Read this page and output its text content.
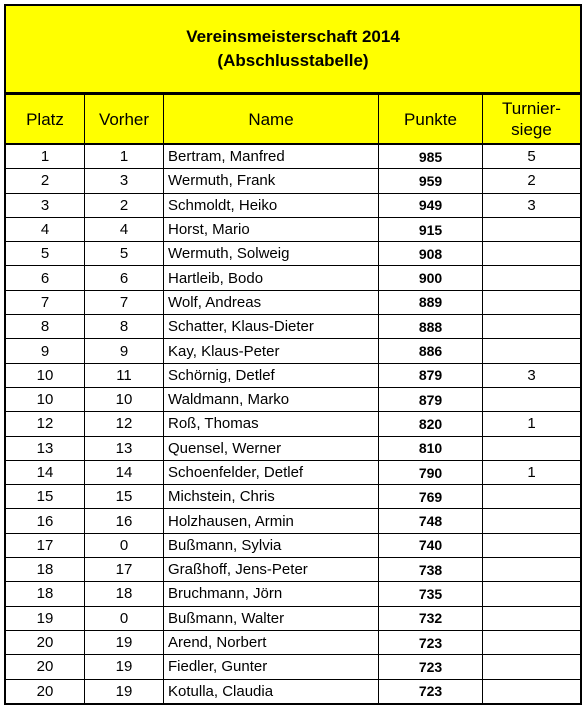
Vereinsmeisterschaft 2014
(Abschlusstabelle)
Platz	Vorher	Name	Punkte	Turnier-
siege

1	1	Bertram, Manfred	985	5
2	3	Wermuth, Frank	959	2
3	2	Schmoldt, Heiko	949	3
4	4	Horst, Mario	915	
5	5	Wermuth, Solweig	908	
6	6	Hartleib, Bodo	900	
7	7	Wolf, Andreas	889	
8	8	Schatter, Klaus-Dieter	888	
9	9	Kay, Klaus-Peter	886	
10	11	Schörnig, Detlef	879	3
10	10	Waldmann, Marko	879	
12	12	Roß, Thomas	820	1
13	13	Quensel, Werner	810	
14	14	Schoenfelder, Detlef	790	1
15	15	Michstein, Chris	769	
16	16	Holzhausen, Armin	748	
17	0	Bußmann, Sylvia	740	
18	17	Graßhoff, Jens-Peter	738	
18	18	Bruchmann, Jörn	735	
19	0	Bußmann, Walter	732	
20	19	Arend, Norbert	723	
20	19	Fiedler, Gunter	723	
20	19	Kotulla, Claudia	723	
